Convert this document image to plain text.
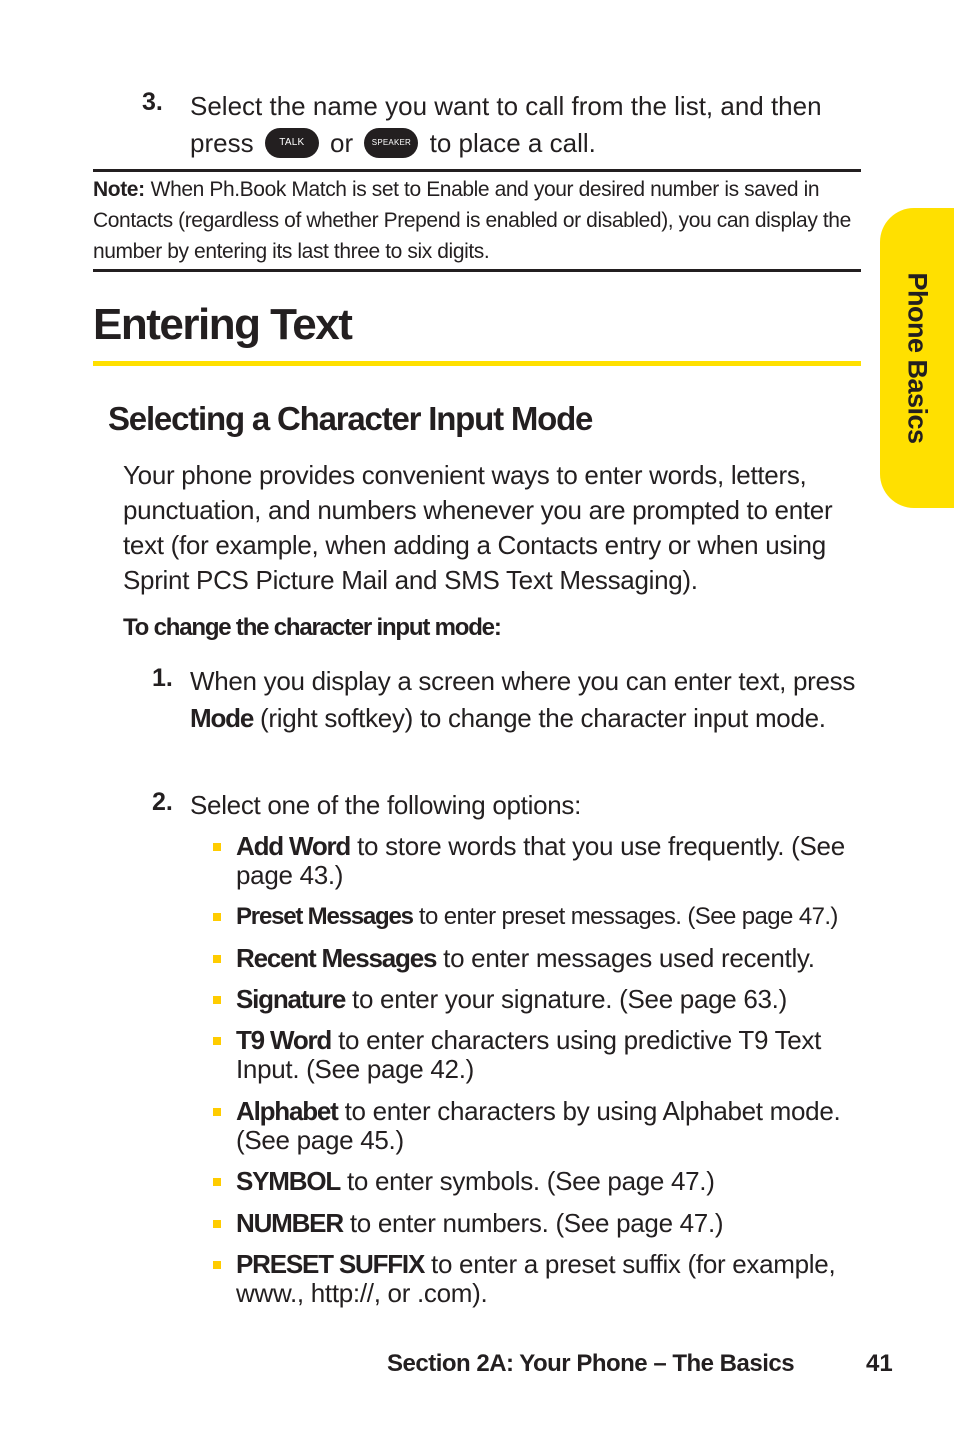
3. Select the name you want to call from the list, and then press	TALK or SPEAKER to place a call.
Note: When Ph.Book Match is set to Enable and your desired number is saved in Contacts (regardless of whether Prepend is enabled or disabled), you can display the number by entering its last three to six digits.
Entering Text
Selecting a Character Input Mode
Your phone provides convenient ways to enter words, letters, punctuation, and numbers whenever you are prompted to enter text (for example, when adding a Contacts entry or when using Sprint PCS Picture Mail and SMS Text Messaging).
To change the character input mode:
1. When you display a screen where you can enter text, press Mode (right softkey) to change the character input mode.
2. Select one of the following options:
Add Word to store words that you use frequently. (See page 43.)
Preset Messages to enter preset messages. (See page 47.)
Recent Messages to enter messages used recently.
Signature to enter your signature. (See page 63.)
T9 Word to enter characters using predictive T9 Text Input. (See page 42.)
Alphabet to enter characters by using Alphabet mode. (See page 45.)
SYMBOL to enter symbols. (See page 47.)
NUMBER to enter numbers. (See page 47.)
PRESET SUFFIX to enter a preset suffix (for example, www., http://, or .com).
Phone Basics
Section 2A: Your Phone – The Basics	41
